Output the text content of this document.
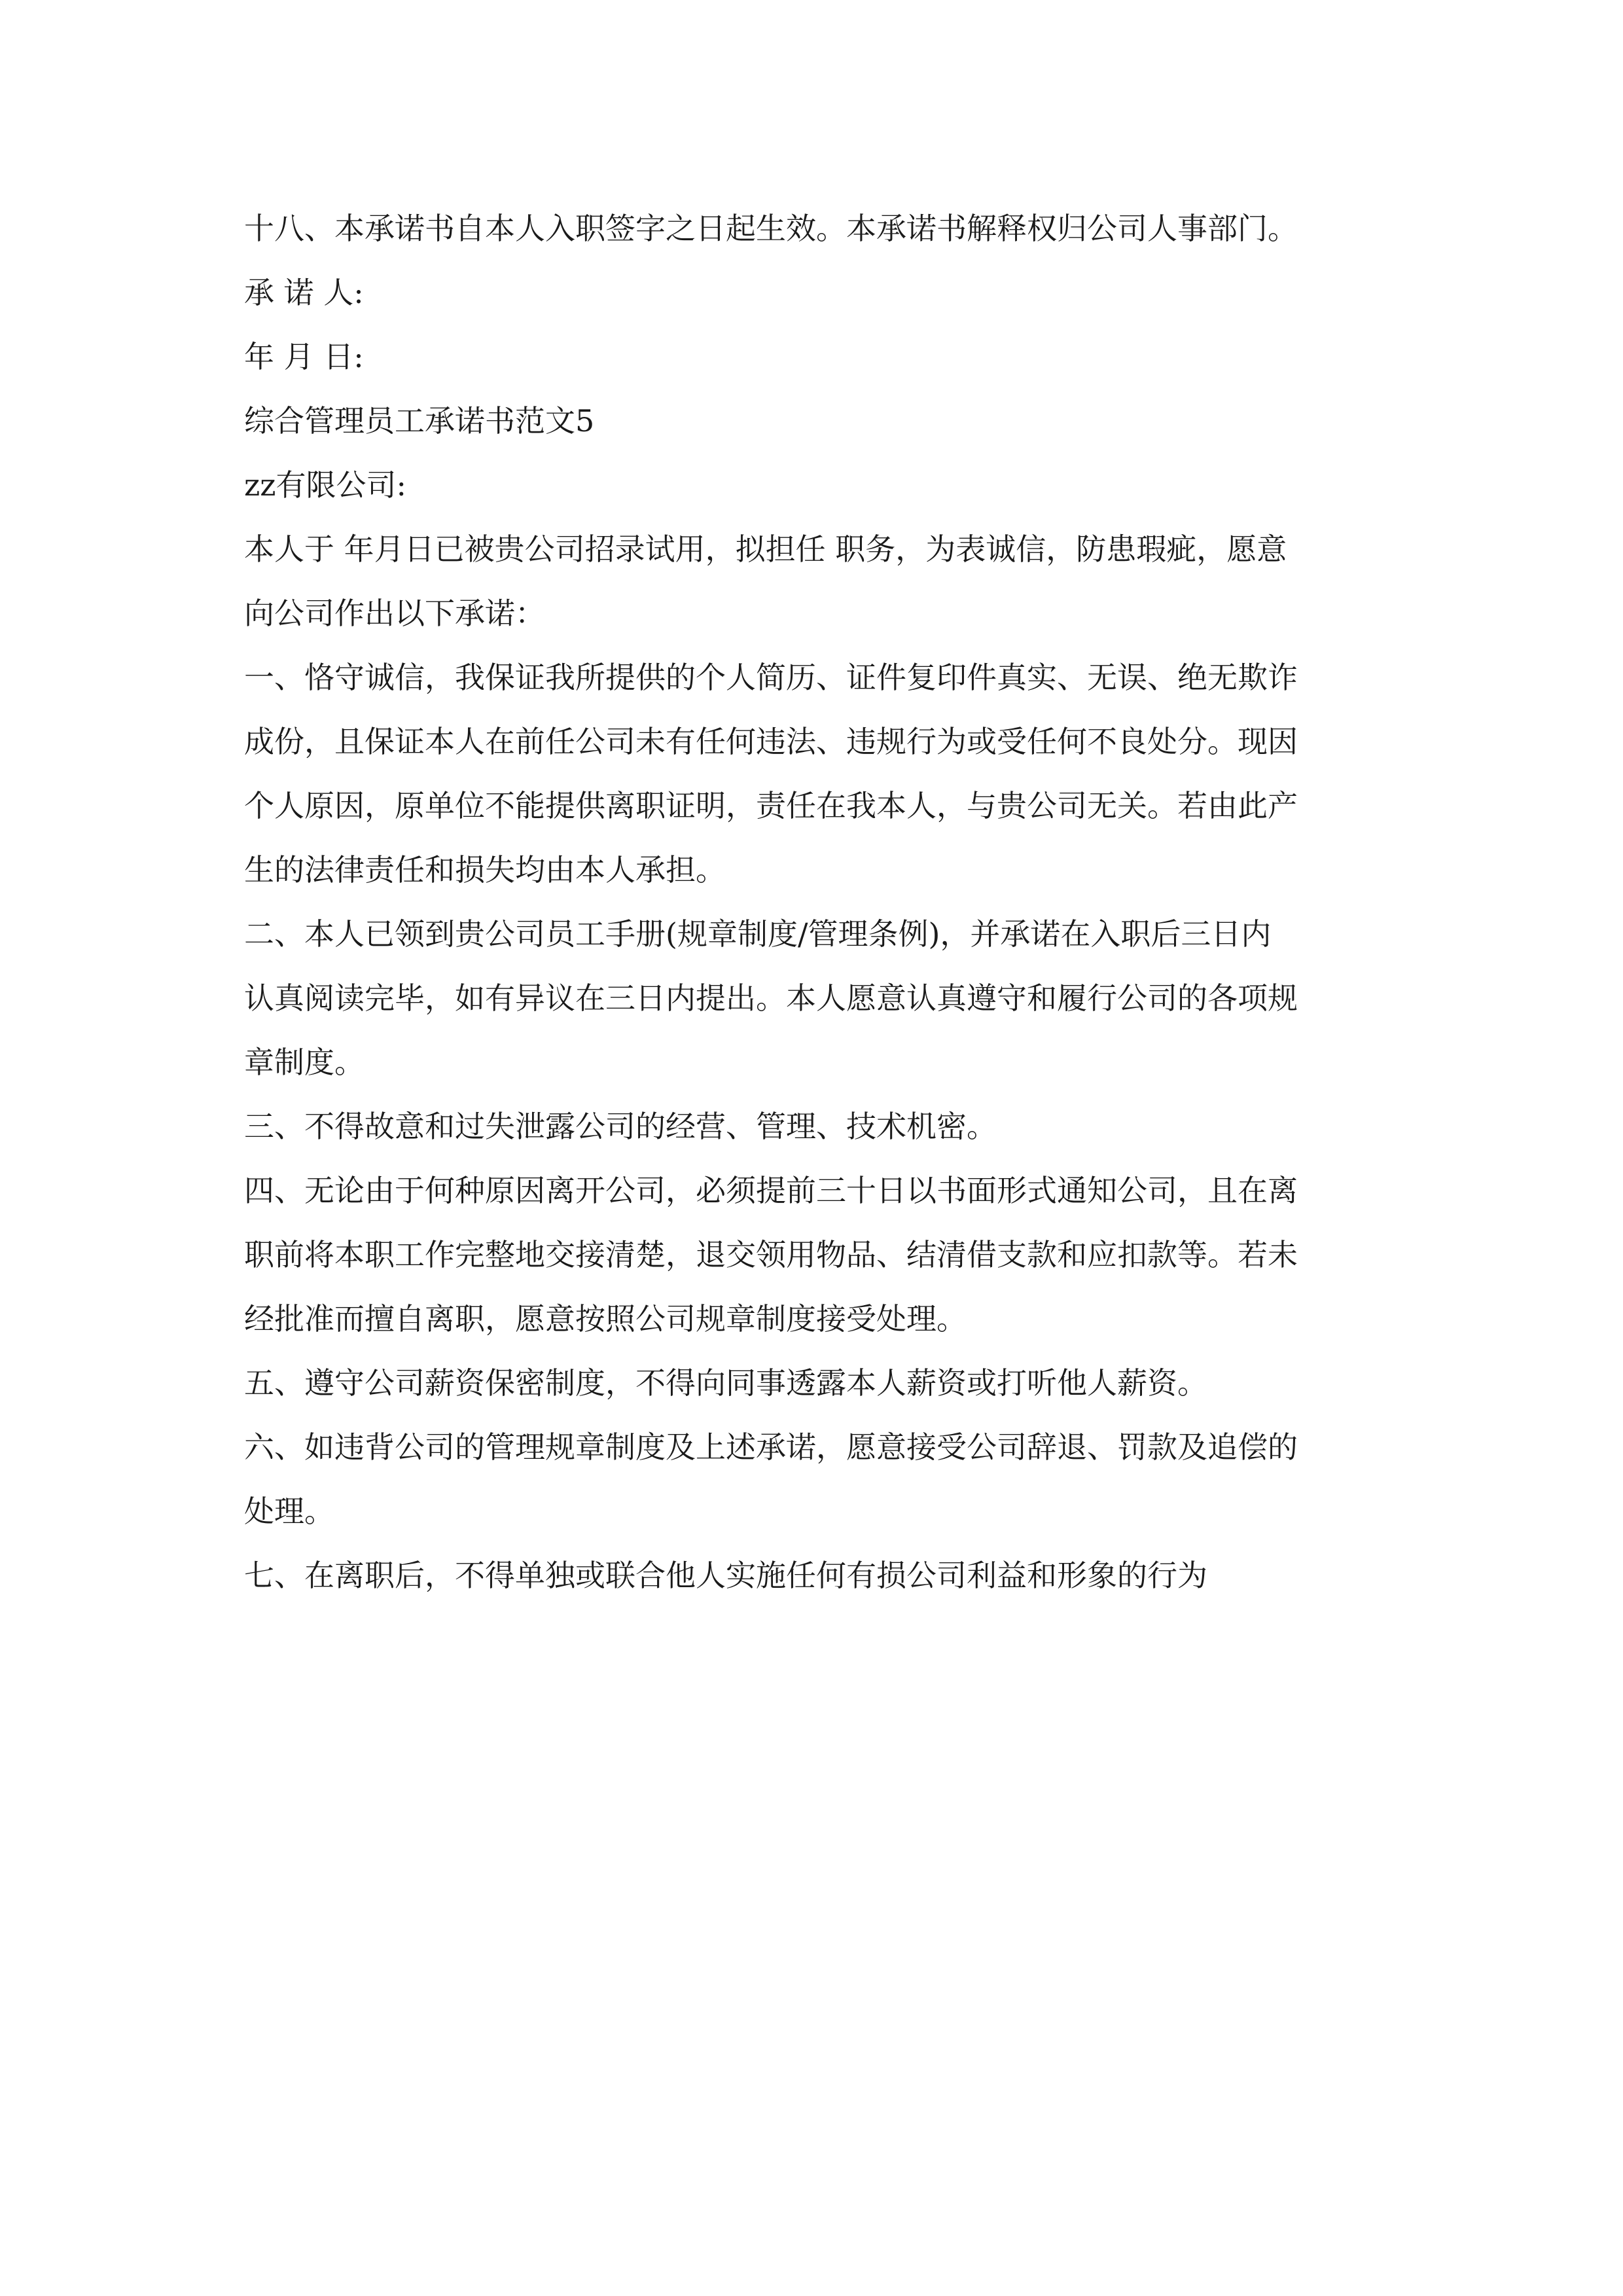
十八、本承诺书自本人入职签字之日起生效。本承诺书解释权归公司人事部门。
承 诺 人:
年 月 日:
综合管理员工承诺书范文5
zz有限公司:
本人于 年月日已被贵公司招录试用，拟担任 职务，为表诚信，防患瑕疵，愿意
向公司作出以下承诺：
一、恪守诚信，我保证我所提供的个人简历、证件复印件真实、无误、绝无欺诈
成份，且保证本人在前任公司未有任何违法、违规行为或受任何不良处分。现因
个人原因，原单位不能提供离职证明，责任在我本人，与贵公司无关。若由此产
生的法律责任和损失均由本人承担。
二、本人已领到贵公司员工手册(规章制度/管理条例)，并承诺在入职后三日内
认真阅读完毕，如有异议在三日内提出。本人愿意认真遵守和履行公司的各项规
章制度。
三、不得故意和过失泄露公司的经营、管理、技术机密。
四、无论由于何种原因离开公司，必须提前三十日以书面形式通知公司，且在离
职前将本职工作完整地交接清楚，退交领用物品、结清借支款和应扣款等。若未
经批准而擅自离职，愿意按照公司规章制度接受处理。
五、遵守公司薪资保密制度，不得向同事透露本人薪资或打听他人薪资。
六、如违背公司的管理规章制度及上述承诺，愿意接受公司辞退、罚款及追偿的
处理。
七、在离职后，不得单独或联合他人实施任何有损公司利益和形象的行为
